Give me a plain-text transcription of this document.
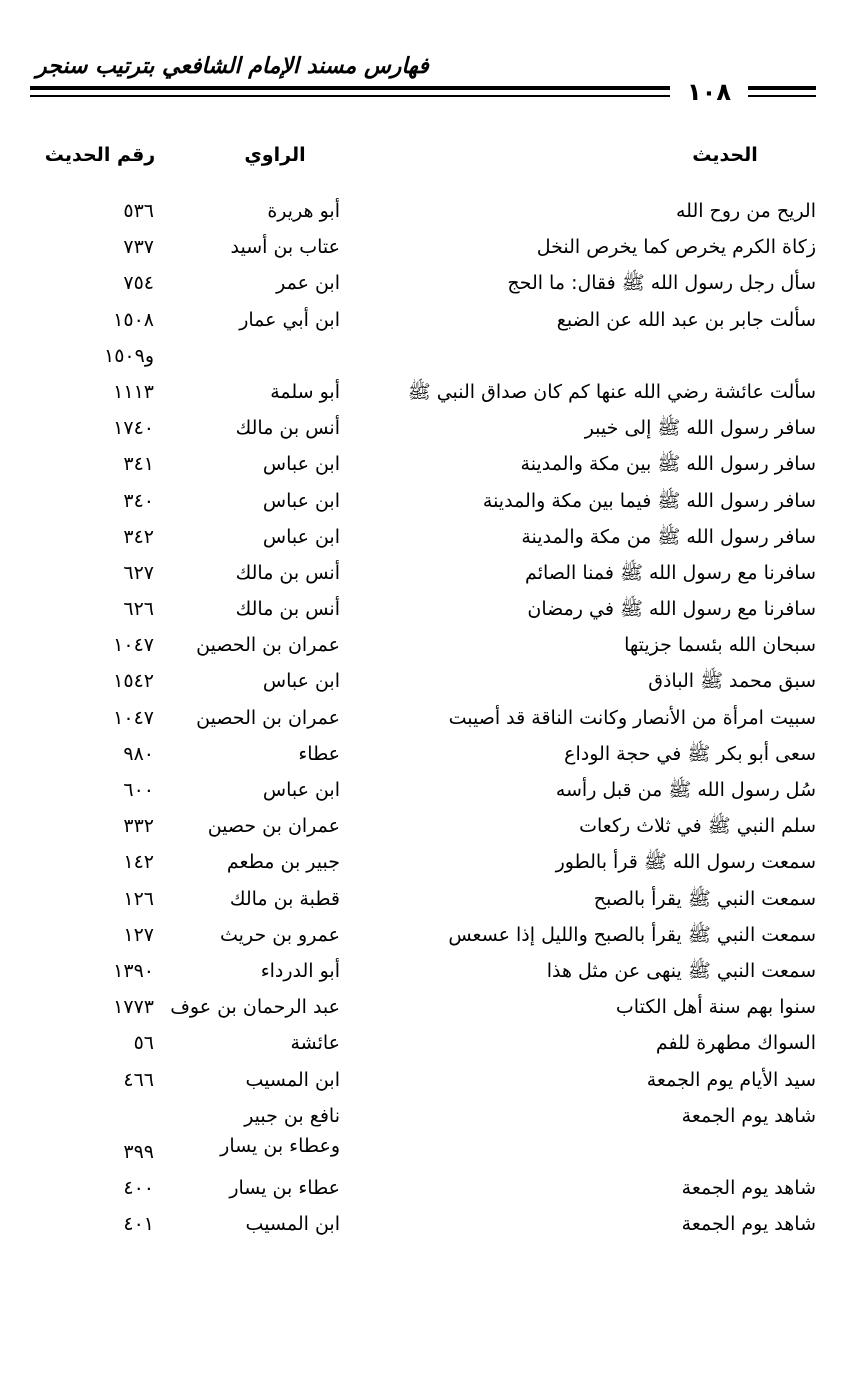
فهارس مسند الإمام الشافعي بترتيب سنجر
١٠٨
الحديث
الراوي
رقم الحديث
الريح من روح الله
أبو هريرة
٥٣٦
زكاة الكرم يخرص كما يخرص النخل
عتاب بن أسيد
٧٣٧
سأل رجل رسول الله ﷺ فقال: ما الحج
ابن عمر
٧٥٤
سألت جابر بن عبد الله عن الضبع
ابن أبي عمار
١٥٠٨
و١٥٠٩
سألت عائشة رضي الله عنها كم كان صداق النبي ﷺ
أبو سلمة
١١١٣
سافر رسول الله ﷺ إلى خيبر
أنس بن مالك
١٧٤٠
سافر رسول الله ﷺ بين مكة والمدينة
ابن عباس
٣٤١
سافر رسول الله ﷺ فيما بين مكة والمدينة
ابن عباس
٣٤٠
سافر رسول الله ﷺ من مكة والمدينة
ابن عباس
٣٤٢
سافرنا مع رسول الله ﷺ فمنا الصائم
أنس بن مالك
٦٢٧
سافرنا مع رسول الله ﷺ في رمضان
أنس بن مالك
٦٢٦
سبحان الله بئسما جزيتها
عمران بن الحصين
١٠٤٧
سبق محمد ﷺ الباذق
ابن عباس
١٥٤٢
سبيت امرأة من الأنصار وكانت الناقة قد أصيبت
عمران بن الحصين
١٠٤٧
سعى أبو بكر ﷺ في حجة الوداع
عطاء
٩٨٠
سُل رسول الله ﷺ من قبل رأسه
ابن عباس
٦٠٠
سلم النبي ﷺ في ثلاث ركعات
عمران بن حصين
٣٣٢
سمعت رسول الله ﷺ قرأ بالطور
جبير بن مطعم
١٤٢
سمعت النبي ﷺ يقرأ بالصبح
قطبة بن مالك
١٢٦
سمعت النبي ﷺ يقرأ بالصبح والليل إذا عسعس
عمرو بن حريث
١٢٧
سمعت النبي ﷺ ينهى عن مثل هذا
أبو الدرداء
١٣٩٠
سنوا بهم سنة أهل الكتاب
عبد الرحمان بن عوف
١٧٧٣
السواك مطهرة للفم
عائشة
٥٦
سيد الأيام يوم الجمعة
ابن المسيب
٤٦٦
شاهد يوم الجمعة
نافع بن جبير
وعطاء بن يسار
٣٩٩
شاهد يوم الجمعة
عطاء بن يسار
٤٠٠
شاهد يوم الجمعة
ابن المسيب
٤٠١
